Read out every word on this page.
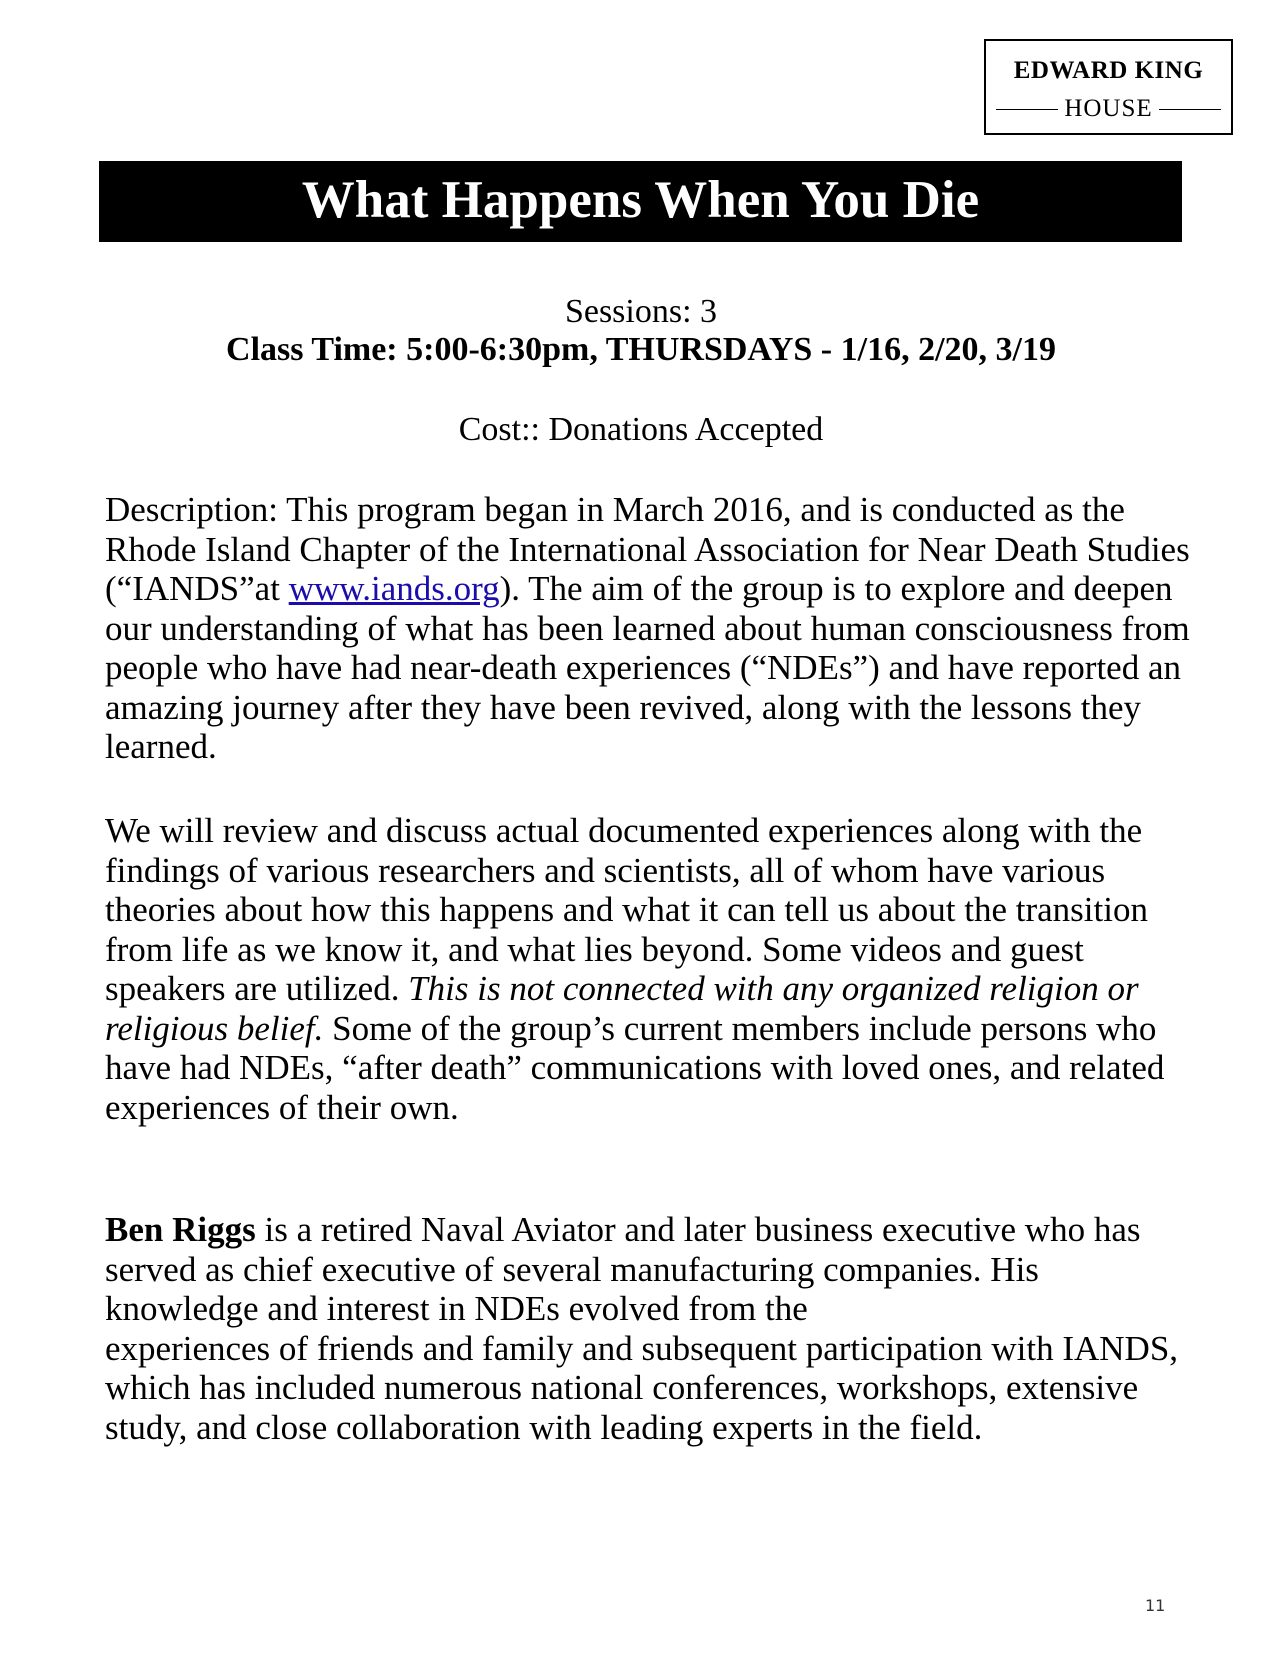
EDWARD KING
HOUSE
What Happens When You Die
Sessions: 3
Class Time: 5:00-6:30pm, THURSDAYS - 1/16, 2/20, 3/19
Cost:: Donations Accepted

Description: This program began in March 2016, and is conducted as the Rhode Island Chapter of the International Association for Near Death Studies (“IANDS”at www.iands.org). The aim of the group is to explore and deepen our understanding of what has been learned about human consciousness from people who have had near-death experiences (“NDEs”) and have reported an amazing journey after they have been revived, along with the lessons they learned.

We will review and discuss actual documented experiences along with the findings of various researchers and scientists, all of whom have various theories about how this happens and what it can tell us about the transition from life as we know it, and what lies beyond. Some videos and guest speakers are utilized. This is not connected with any organized religion or religious belief. Some of the group’s current members include persons who have had NDEs, “after death” communications with loved ones, and related experiences of their own.

Ben Riggs is a retired Naval Aviator and later business executive who has served as chief executive of several manufacturing companies. His knowledge and interest in NDEs evolved from the
experiences of friends and family and subsequent participation with IANDS, which has included numerous national conferences, workshops, extensive study, and close collaboration with leading experts in the field.

11
